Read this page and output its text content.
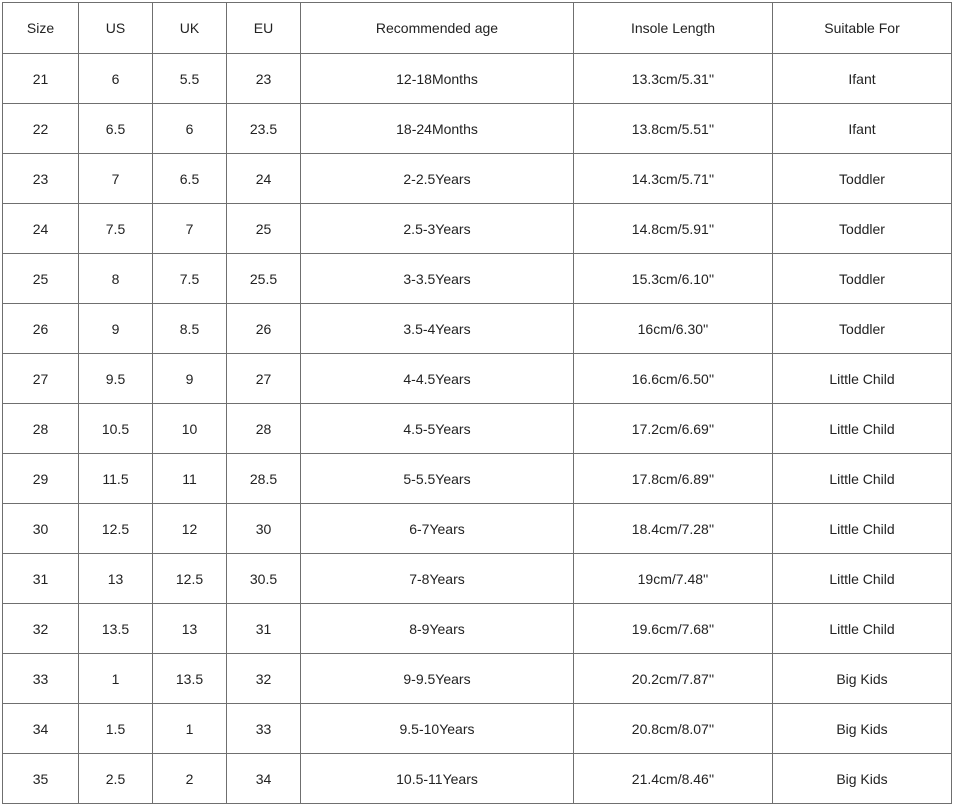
Size	US	UK	EU	Recommended age	Insole Length	Suitable For
21	6	5.5	23	12-18Months	13.3cm/5.31''	Ifant
22	6.5	6	23.5	18-24Months	13.8cm/5.51''	Ifant
23	7	6.5	24	2-2.5Years	14.3cm/5.71''	Toddler
24	7.5	7	25	2.5-3Years	14.8cm/5.91''	Toddler
25	8	7.5	25.5	3-3.5Years	15.3cm/6.10''	Toddler
26	9	8.5	26	3.5-4Years	16cm/6.30''	Toddler
27	9.5	9	27	4-4.5Years	16.6cm/6.50''	Little Child
28	10.5	10	28	4.5-5Years	17.2cm/6.69''	Little Child
29	11.5	11	28.5	5-5.5Years	17.8cm/6.89''	Little Child
30	12.5	12	30	6-7Years	18.4cm/7.28''	Little Child
31	13	12.5	30.5	7-8Years	19cm/7.48''	Little Child
32	13.5	13	31	8-9Years	19.6cm/7.68''	Little Child
33	1	13.5	32	9-9.5Years	20.2cm/7.87''	Big Kids
34	1.5	1	33	9.5-10Years	20.8cm/8.07''	Big Kids
35	2.5	2	34	10.5-11Years	21.4cm/8.46''	Big Kids
